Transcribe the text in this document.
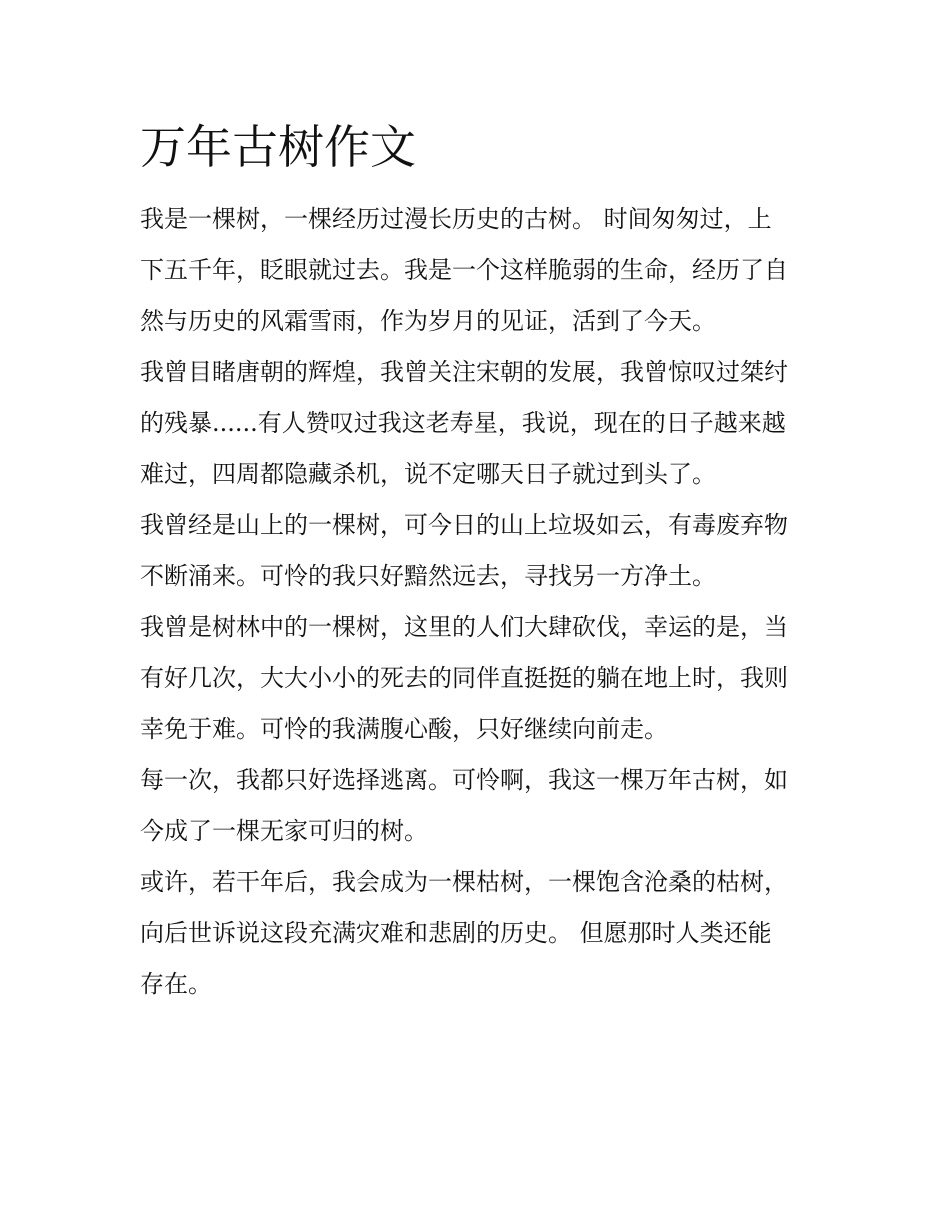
万年古树作文
我是一棵树，一棵经历过漫长历史的古树。 时间匆匆过，上
下五千年，眨眼就过去。我是一个这样脆弱的生命，经历了自
然与历史的风霜雪雨，作为岁月的见证，活到了今天。
我曾目睹唐朝的辉煌，我曾关注宋朝的发展，我曾惊叹过桀纣
的残暴......有人赞叹过我这老寿星，我说，现在的日子越来越
难过，四周都隐藏杀机，说不定哪天日子就过到头了。
我曾经是山上的一棵树，可今日的山上垃圾如云，有毒废弃物
不断涌来。可怜的我只好黯然远去，寻找另一方净土。
我曾是树林中的一棵树，这里的人们大肆砍伐，幸运的是，当
有好几次，大大小小的死去的同伴直挺挺的躺在地上时，我则
幸免于难。可怜的我满腹心酸，只好继续向前走。
每一次，我都只好选择逃离。可怜啊，我这一棵万年古树，如
今成了一棵无家可归的树。
或许，若干年后，我会成为一棵枯树，一棵饱含沧桑的枯树，
向后世诉说这段充满灾难和悲剧的历史。 但愿那时人类还能
存在。
